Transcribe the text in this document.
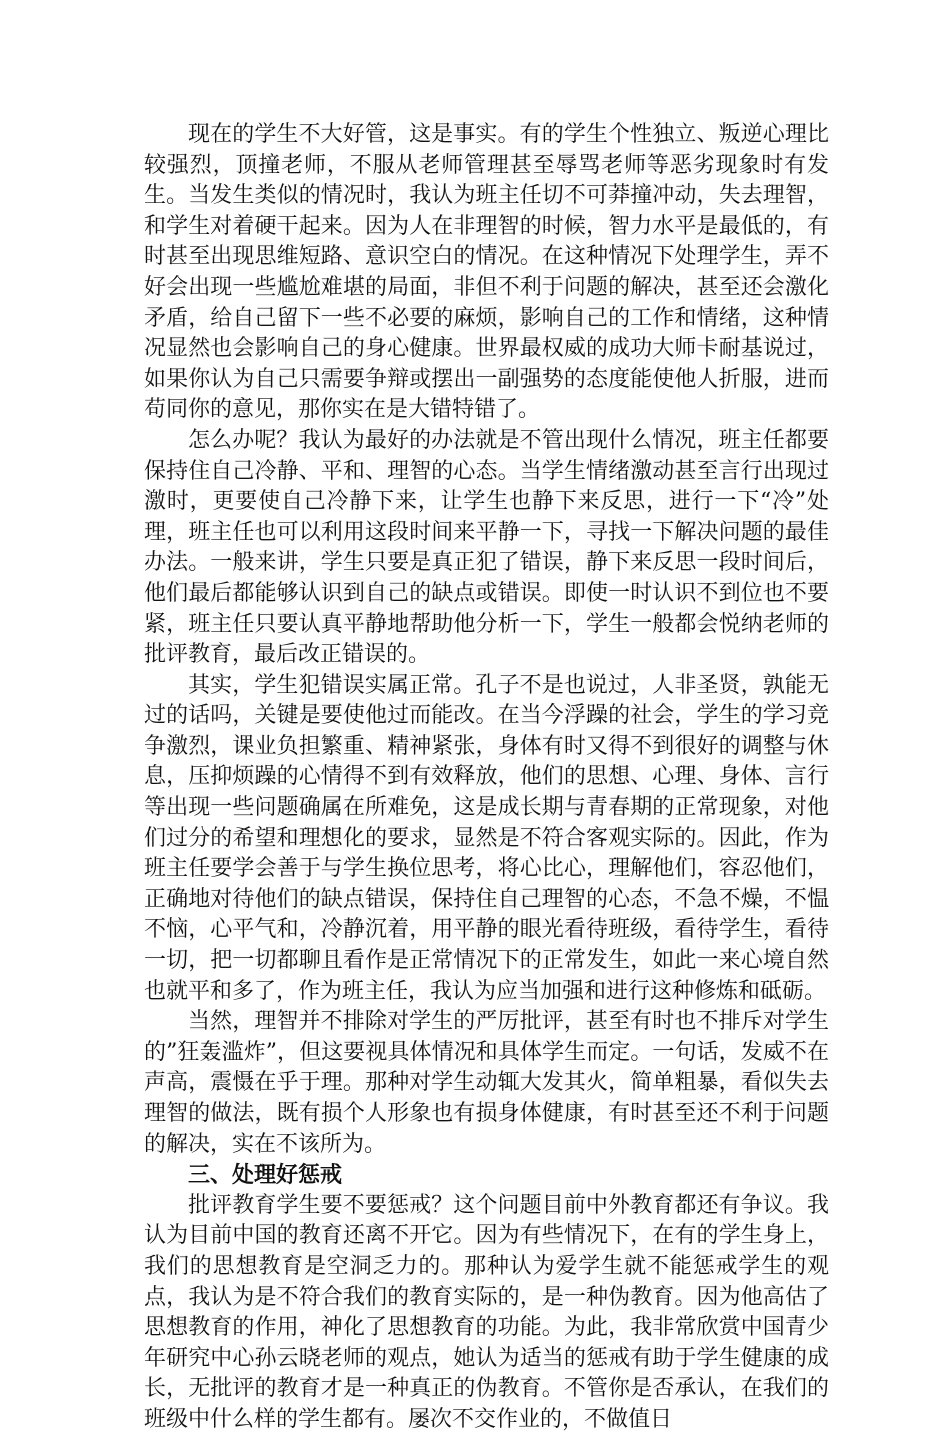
现在的学生不大好管，这是事实。有的学生个性独立、叛逆心理比较强烈，顶撞老师，不服从老师管理甚至辱骂老师等恶劣现象时有发生。当发生类似的情况时，我认为班主任切不可莽撞冲动，失去理智，和学生对着硬干起来。因为人在非理智的时候，智力水平是最低的，有时甚至出现思维短路、意识空白的情况。在这种情况下处理学生，弄不好会出现一些尴尬难堪的局面，非但不利于问题的解决，甚至还会激化矛盾，给自己留下一些不必要的麻烦，影响自己的工作和情绪，这种情况显然也会影响自己的身心健康。世界最权威的成功大师卡耐基说过，如果你认为自己只需要争辩或摆出一副强势的态度能使他人折服，进而苟同你的意见，那你实在是大错特错了。

怎么办呢？我认为最好的办法就是不管出现什么情况，班主任都要保持住自己冷静、平和、理智的心态。当学生情绪激动甚至言行出现过激时，更要使自己冷静下来，让学生也静下来反思，进行一下“冷”处理，班主任也可以利用这段时间来平静一下，寻找一下解决问题的最佳办法。一般来讲，学生只要是真正犯了错误，静下来反思一段时间后，他们最后都能够认识到自己的缺点或错误。即使一时认识不到位也不要紧，班主任只要认真平静地帮助他分析一下，学生一般都会悦纳老师的批评教育，最后改正错误的。

其实，学生犯错误实属正常。孔子不是也说过，人非圣贤，孰能无过的话吗，关键是要使他过而能改。在当今浮躁的社会，学生的学习竞争激烈，课业负担繁重、精神紧张，身体有时又得不到很好的调整与休息，压抑烦躁的心情得不到有效释放，他们的思想、心理、身体、言行等出现一些问题确属在所难免，这是成长期与青春期的正常现象，对他们过分的希望和理想化的要求，显然是不符合客观实际的。因此，作为班主任要学会善于与学生换位思考，将心比心，理解他们，容忍他们，正确地对待他们的缺点错误，保持住自己理智的心态，不急不燥，不愠不恼，心平气和，冷静沉着，用平静的眼光看待班级，看待学生，看待一切，把一切都聊且看作是正常情况下的正常发生，如此一来心境自然也就平和多了，作为班主任，我认为应当加强和进行这种修炼和砥砺。

当然，理智并不排除对学生的严厉批评，甚至有时也不排斥对学生的”狂轰滥炸”，但这要视具体情况和具体学生而定。一句话，发威不在声高，震慑在乎于理。那种对学生动辄大发其火，简单粗暴，看似失去理智的做法，既有损个人形象也有损身体健康，有时甚至还不利于问题的解决，实在不该所为。

三、处理好惩戒

批评教育学生要不要惩戒？这个问题目前中外教育都还有争议。我认为目前中国的教育还离不开它。因为有些情况下，在有的学生身上，我们的思想教育是空洞乏力的。那种认为爱学生就不能惩戒学生的观点，我认为是不符合我们的教育实际的，是一种伪教育。因为他高估了思想教育的作用，神化了思想教育的功能。为此，我非常欣赏中国青少年研究中心孙云晓老师的观点，她认为适当的惩戒有助于学生健康的成长，无批评的教育才是一种真正的伪教育。不管你是否承认，在我们的班级中什么样的学生都有。屡次不交作业的，不做值日
